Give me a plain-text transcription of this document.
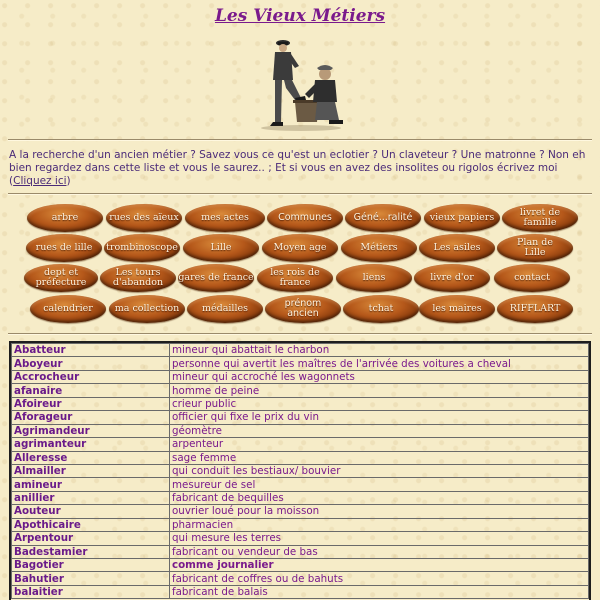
Les Vieux Métiers
A la recherche d'un ancien métier ? Savez vous ce qu'est un eclotier ? Un claveteur ? Une matronne ? Non eh bien regardez dans cette liste et vous le saurez.. ; Et si vous en avez des insolites ou rigolos écrivez moi (Cliquez ici)
arbre	rues des aïeux mes actes	Communes Géné...ralité vieux papiers	livret de famille
rues de lille trombinoscope	Lille	Moyen age	Métiers	Les asiles	Plan de Lille
dept et préfecture
Les tours d'abandon gares de france les rois de france	liens	livre d'or	contact
calendrier ma collection médailles	prénom ancien	tchat	les maires	RIFFLART
Abatteur	mineur qui abattait le charbon
Aboyeur	personne qui avertit les maîtres de l'arrivée des voitures a cheval
Accrocheur	mineur qui accroché les wagonnets
afanaire	homme de peine
Afoireur	crieur public
Aforageur	officier qui fixe le prix du vin
Agrimandeur	géomètre
agrimanteur	arpenteur
Alleresse	sage femme
Almailler	qui conduit les bestiaux/ bouvier
amineur	mesureur de sel
anillier	fabricant de bequilles
Aouteur	ouvrier loué pour la moisson
Apothicaire	pharmacien
Arpentour	qui mesure les terres
Badestamier	fabricant ou vendeur de bas
Bagotier	comme journalier
Bahutier	fabricant de coffres ou de bahuts
balaitier	fabricant de balais
